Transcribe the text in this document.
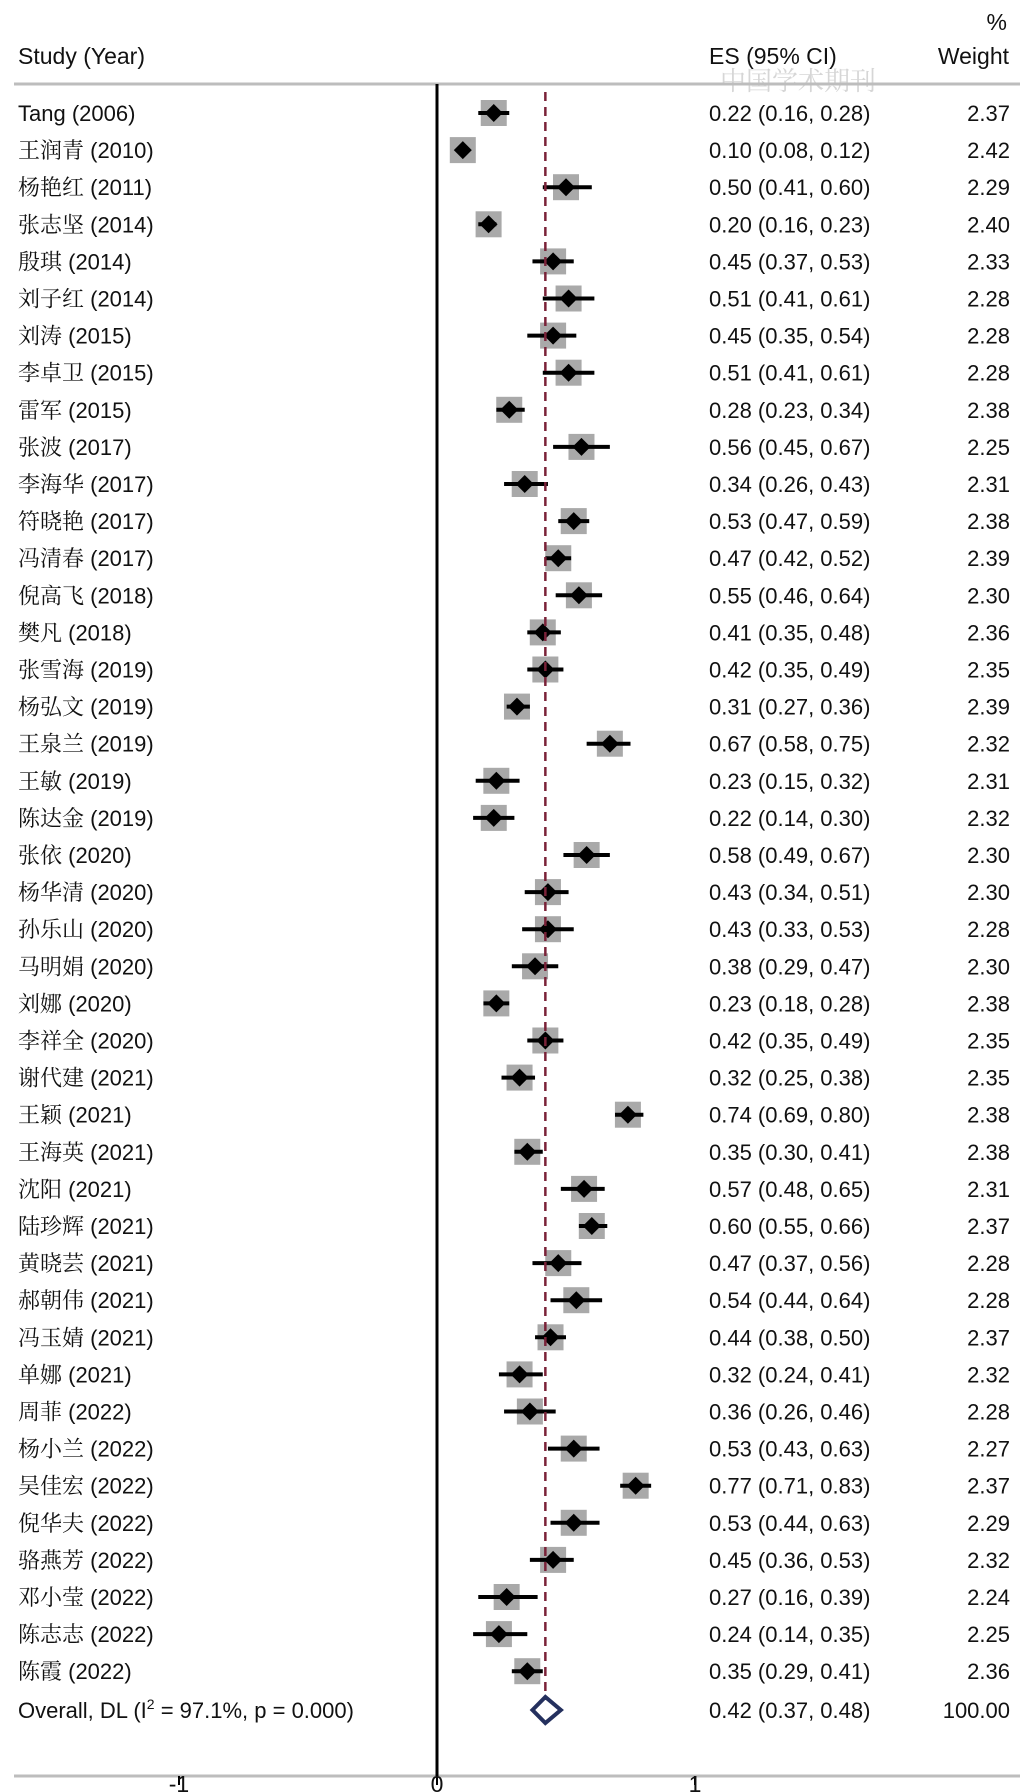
中国学术期刊
Study (Year)	ES (95% CI)
%
Weight
Tang (2006)	0.22 (0.16, 0.28)	2.37
王润青 (2010)	0.10 (0.08, 0.12)	2.42
杨艳红 (2011)	0.50 (0.41, 0.60)	2.29
张志坚 (2014)	0.20 (0.16, 0.23)	2.40
殷琪 (2014)	0.45 (0.37, 0.53)	2.33
刘子红 (2014)	0.51 (0.41, 0.61)	2.28
刘涛 (2015)	0.45 (0.35, 0.54)	2.28
李卓卫 (2015)	0.51 (0.41, 0.61)	2.28
雷军 (2015)	0.28 (0.23, 0.34)	2.38
张波 (2017)	0.56 (0.45, 0.67)	2.25
李海华 (2017)	0.34 (0.26, 0.43)	2.31
符晓艳 (2017)	0.53 (0.47, 0.59)	2.38
冯清春 (2017)	0.47 (0.42, 0.52)	2.39
倪高飞 (2018)	0.55 (0.46, 0.64)	2.30
樊凡 (2018)	0.41 (0.35, 0.48)	2.36
张雪海 (2019)	0.42 (0.35, 0.49)	2.35
杨弘文 (2019)	0.31 (0.27, 0.36)	2.39
王泉兰 (2019)	0.67 (0.58, 0.75)	2.32
王敏 (2019)	0.23 (0.15, 0.32)	2.31
陈达金 (2019)	0.22 (0.14, 0.30)	2.32
张依 (2020)	0.58 (0.49, 0.67)	2.30
杨华清 (2020)	0.43 (0.34, 0.51)	2.30
孙乐山 (2020)	0.43 (0.33, 0.53)	2.28
马明娟 (2020)	0.38 (0.29, 0.47)	2.30
刘娜 (2020)	0.23 (0.18, 0.28)	2.38
李祥全 (2020)	0.42 (0.35, 0.49)	2.35
谢代建 (2021)	0.32 (0.25, 0.38)	2.35
王颖 (2021)	0.74 (0.69, 0.80)	2.38
王海英 (2021)	0.35 (0.30, 0.41)	2.38
沈阳 (2021)	0.57 (0.48, 0.65)	2.31
陆珍辉 (2021)	0.60 (0.55, 0.66)	2.37
黄晓芸 (2021)	0.47 (0.37, 0.56)	2.28
郝朝伟 (2021)	0.54 (0.44, 0.64)	2.28
冯玉婧 (2021)	0.44 (0.38, 0.50)	2.37
单娜 (2021)	0.32 (0.24, 0.41)	2.32
周菲 (2022)	0.36 (0.26, 0.46)	2.28
杨小兰 (2022)	0.53 (0.43, 0.63)	2.27
吴佳宏 (2022)	0.77 (0.71, 0.83)	2.37
倪华夫 (2022)	0.53 (0.44, 0.63)	2.29
骆燕芳 (2022)	0.45 (0.36, 0.53)	2.32
邓小莹 (2022)	0.27 (0.16, 0.39)	2.24
陈志志 (2022)	0.24 (0.14, 0.35)	2.25
陈霞 (2022)	0.35 (0.29, 0.41)	2.36
Overall, DL ($I^2 = 97.1\%$, p = 0.000)	0.42 (0.37, 0.48)	100.00
-1	0	1
